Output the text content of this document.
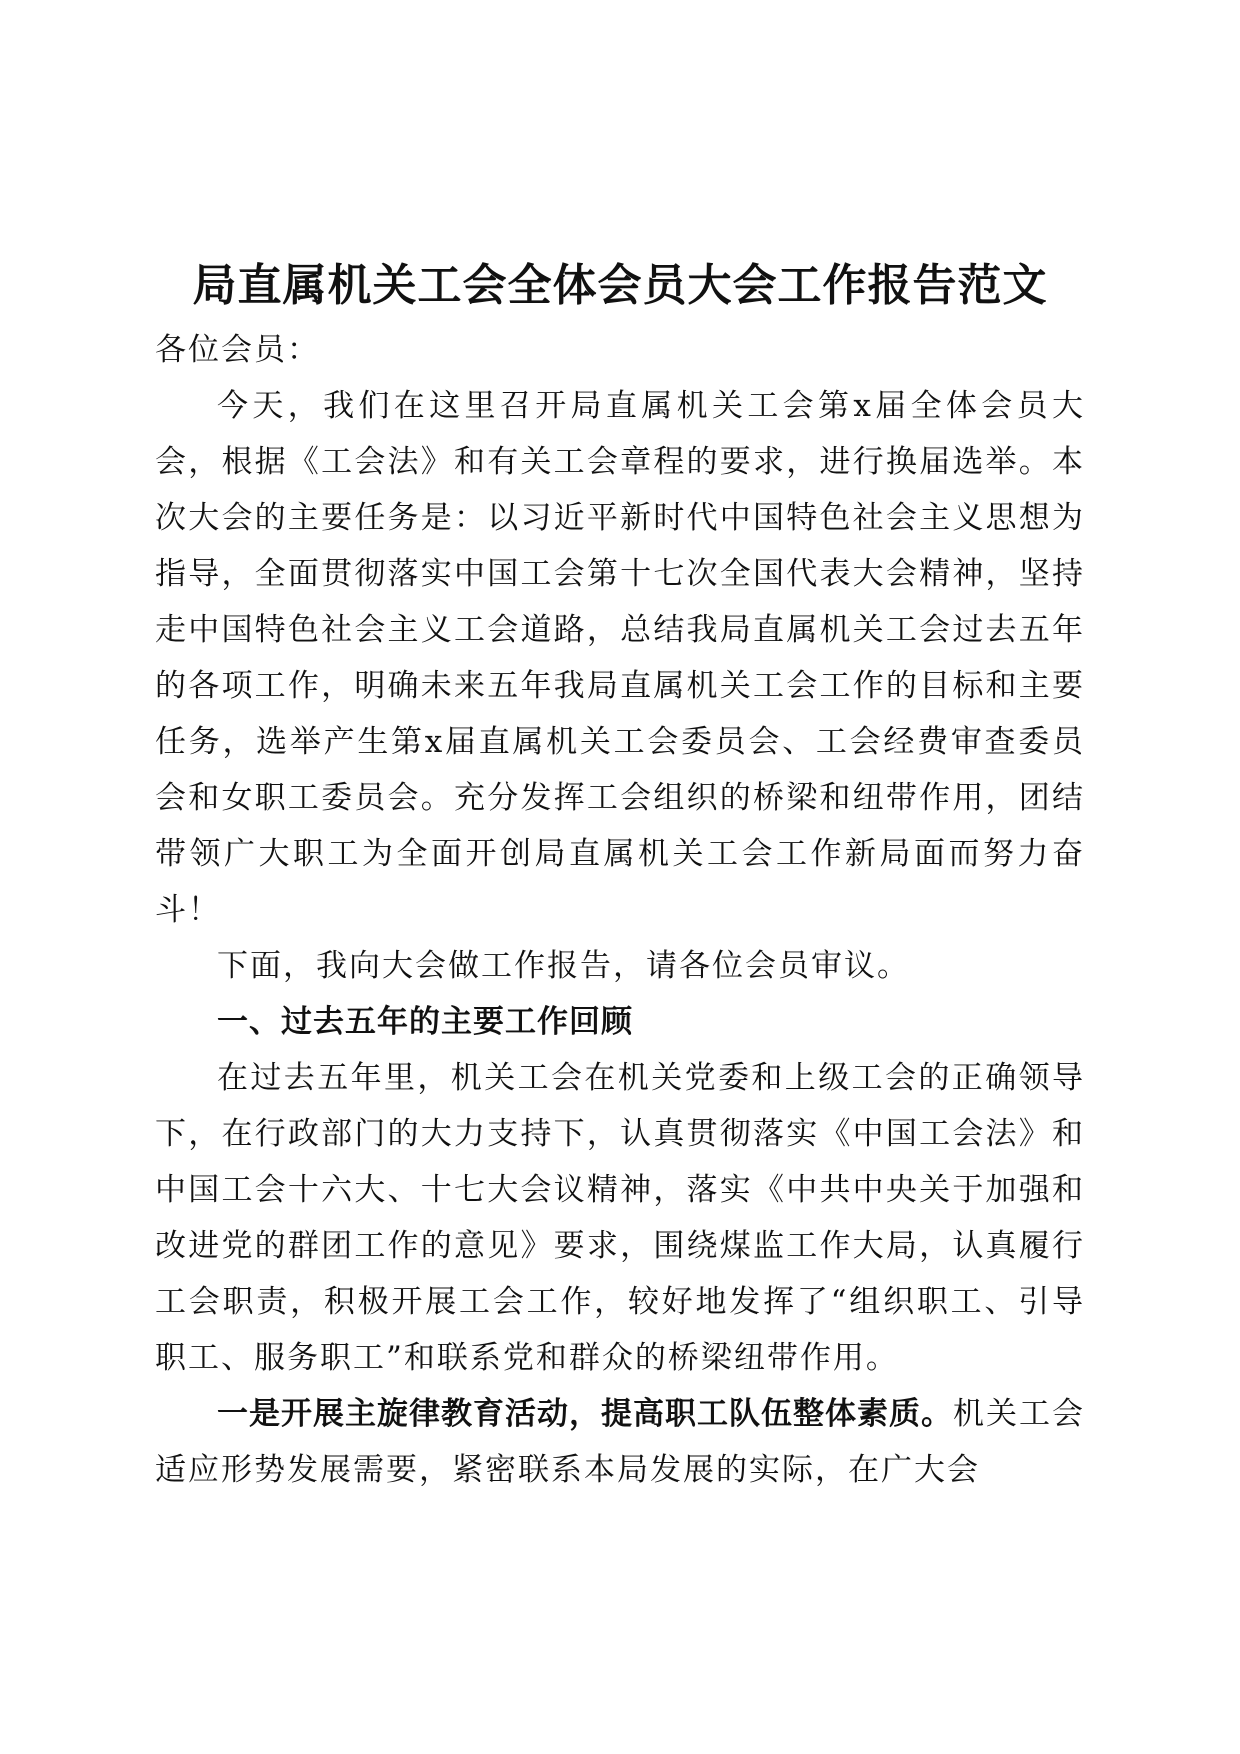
局直属机关工会全体会员大会工作报告范文

各位会员：

今天，我们在这里召开局直属机关工会第x届全体会员大会，根据《工会法》和有关工会章程的要求，进行换届选举。本次大会的主要任务是：以习近平新时代中国特色社会主义思想为指导，全面贯彻落实中国工会第十七次全国代表大会精神，坚持走中国特色社会主义工会道路，总结我局直属机关工会过去五年的各项工作，明确未来五年我局直属机关工会工作的目标和主要任务，选举产生第x届直属机关工会委员会、工会经费审查委员会和女职工委员会。充分发挥工会组织的桥梁和纽带作用，团结带领广大职工为全面开创局直属机关工会工作新局面而努力奋斗！

下面，我向大会做工作报告，请各位会员审议。

一、过去五年的主要工作回顾

在过去五年里，机关工会在机关党委和上级工会的正确领导下，在行政部门的大力支持下，认真贯彻落实《中国工会法》和中国工会十六大、十七大会议精神，落实《中共中央关于加强和改进党的群团工作的意见》要求，围绕煤监工作大局，认真履行工会职责，积极开展工会工作，较好地发挥了“组织职工、引导职工、服务职工”和联系党和群众的桥梁纽带作用。

一是开展主旋律教育活动，提高职工队伍整体素质。机关工会适应形势发展需要，紧密联系本局发展的实际，在广大会
